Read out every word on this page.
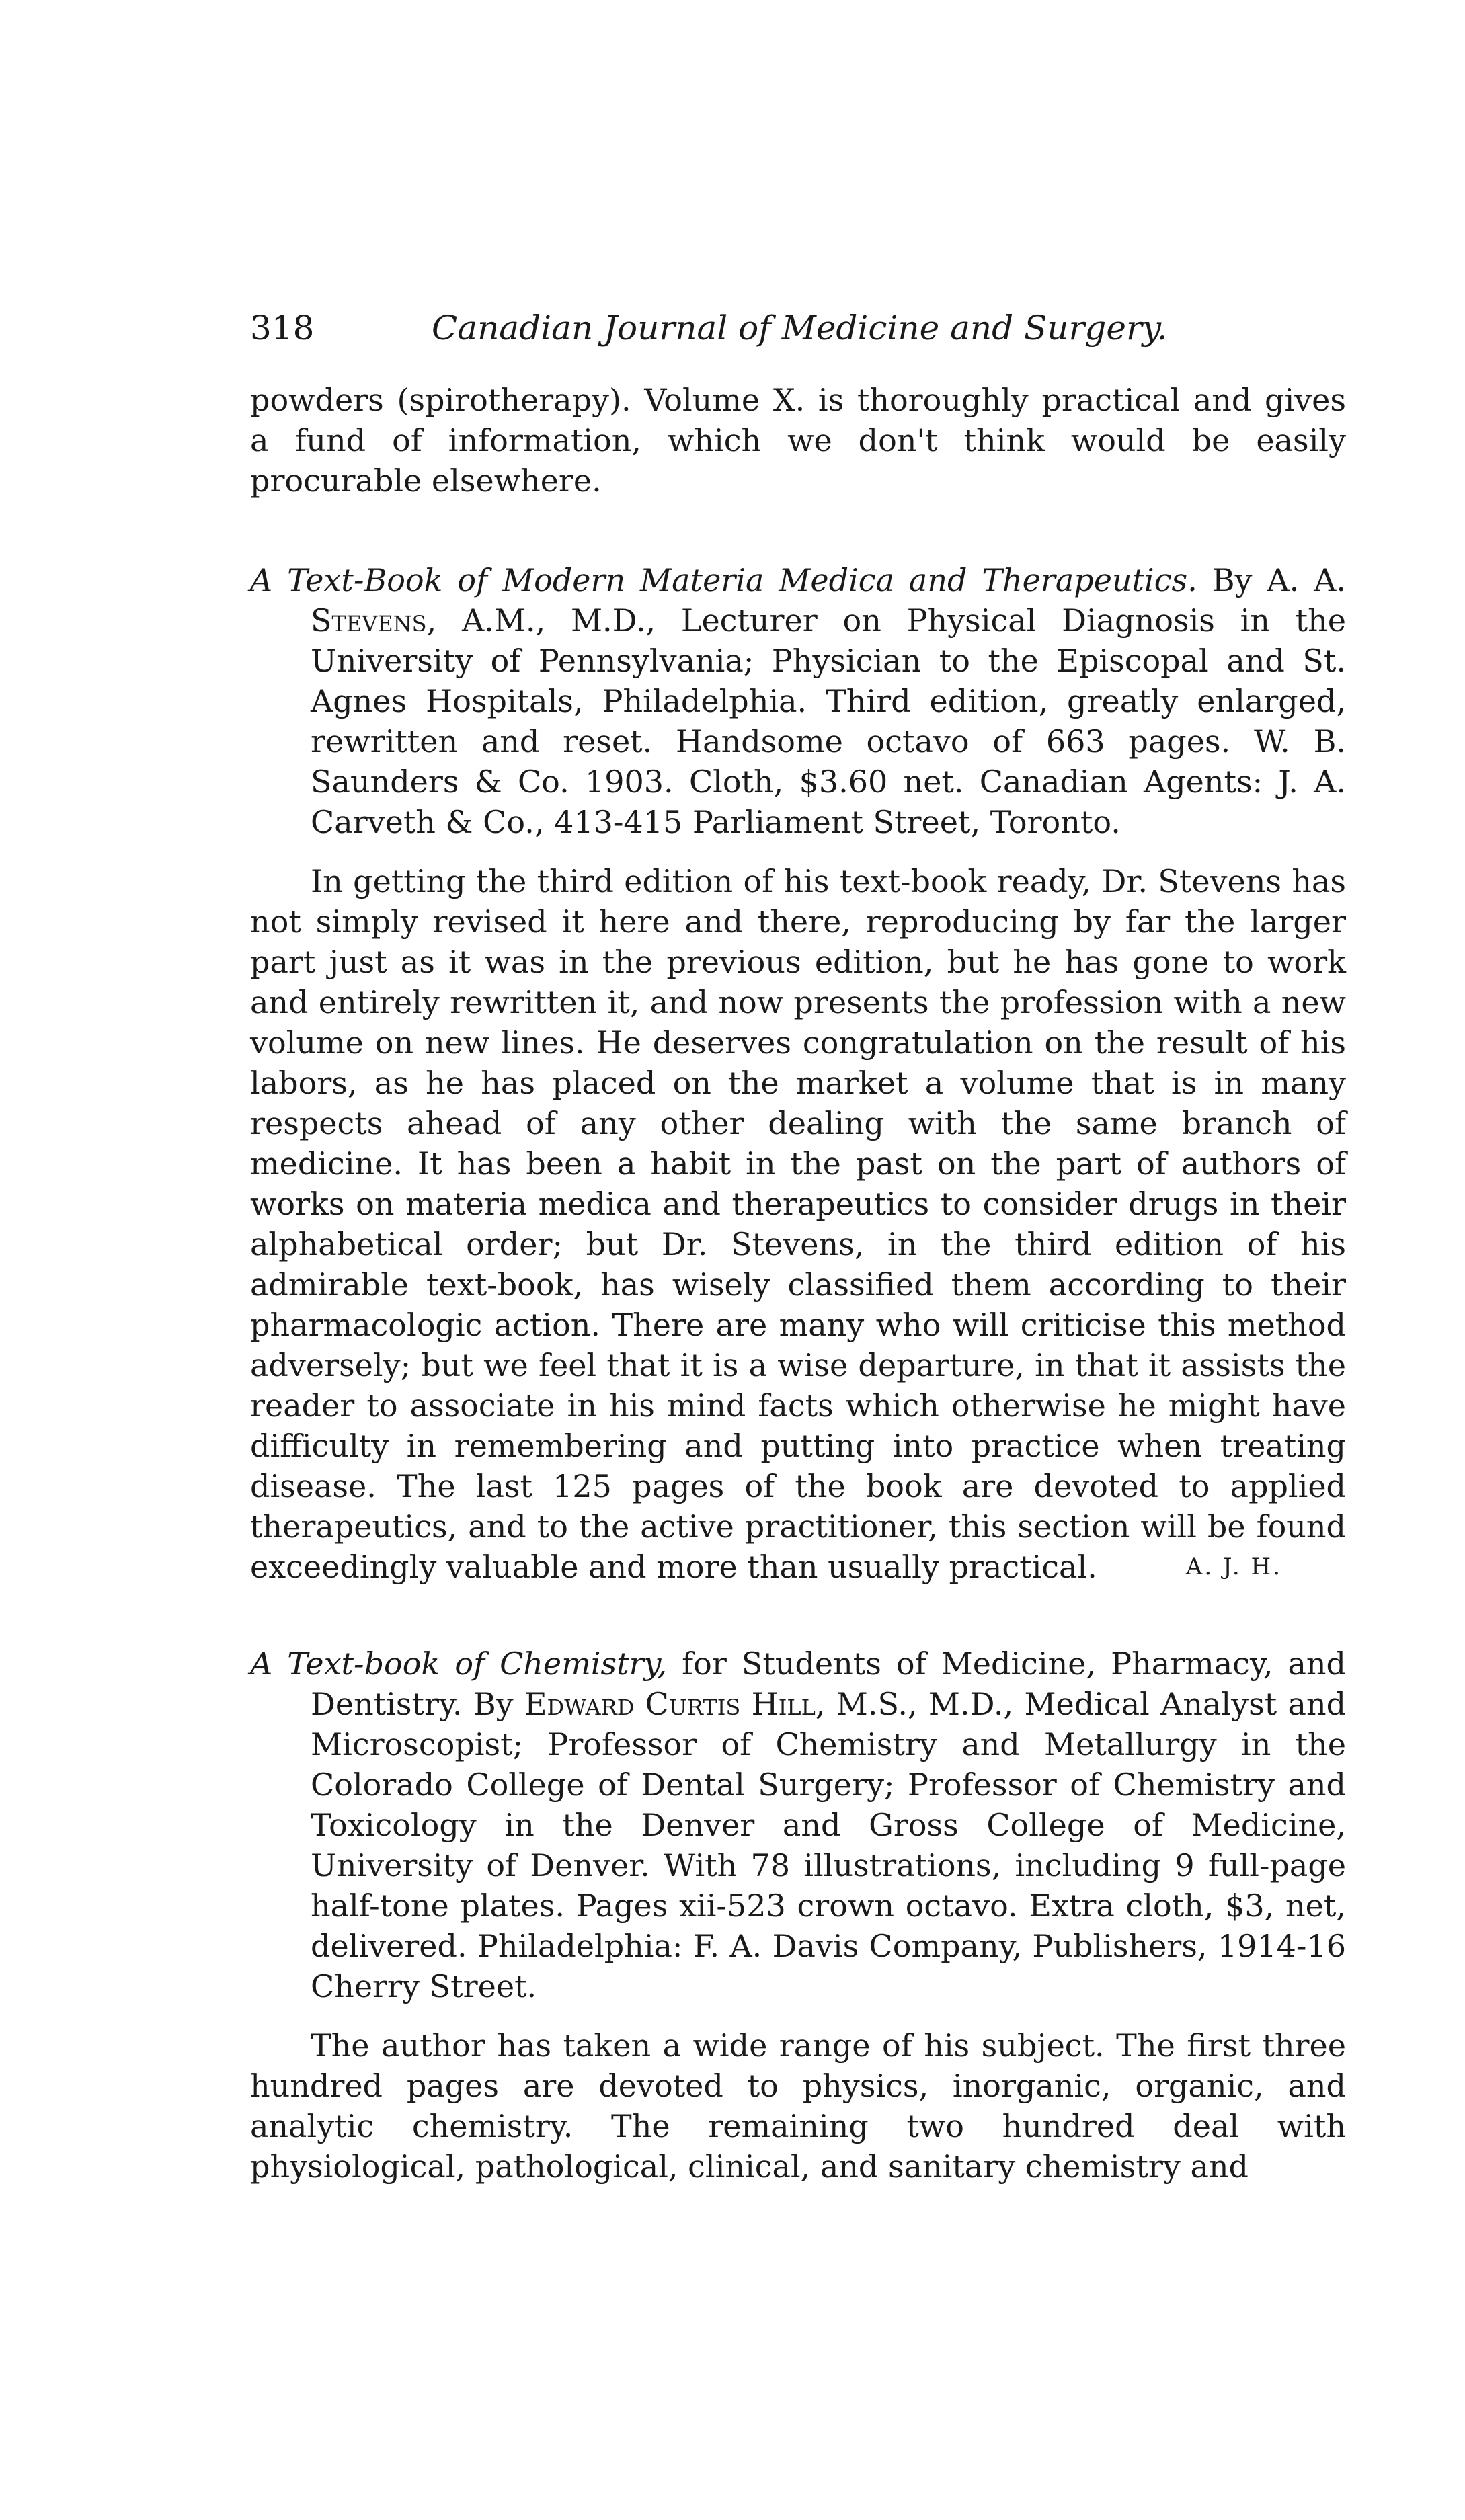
318	Canadian Journal of Medicine and Surgery.

powders (spirotherapy). Volume X. is thoroughly practical and gives a fund of information, which we don't think would be easily procurable elsewhere.

A Text-Book of Modern Materia Medica and Therapeutics. By A. A. Stevens, A.M., M.D., Lecturer on Physical Diagnosis in the University of Pennsylvania; Physician to the Episcopal and St. Agnes Hospitals, Philadelphia. Third edition, greatly enlarged, rewritten and reset. Handsome octavo of 663 pages. W. B. Saunders & Co. 1903. Cloth, $3.60 net. Canadian Agents: J. A. Carveth & Co., 413-415 Parliament Street, Toronto.

In getting the third edition of his text-book ready, Dr. Stevens has not simply revised it here and there, reproducing by far the larger part just as it was in the previous edition, but he has gone to work and entirely rewritten it, and now presents the profession with a new volume on new lines. He deserves congratulation on the result of his labors, as he has placed on the market a volume that is in many respects ahead of any other dealing with the same branch of medicine. It has been a habit in the past on the part of authors of works on materia medica and therapeutics to consider drugs in their alphabetical order; but Dr. Stevens, in the third edition of his admirable text-book, has wisely classified them according to their pharmacologic action. There are many who will criticise this method adversely; but we feel that it is a wise departure, in that it assists the reader to associate in his mind facts which otherwise he might have difficulty in remembering and putting into practice when treating disease. The last 125 pages of the book are devoted to applied therapeutics, and to the active practitioner, this section will be found exceedingly valuable and more than usually practical.	A. J. H.

A Text-book of Chemistry, for Students of Medicine, Pharmacy, and Dentistry. By Edward Curtis Hill, M.S., M.D., Medical Analyst and Microscopist; Professor of Chemistry and Metallurgy in the Colorado College of Dental Surgery; Professor of Chemistry and Toxicology in the Denver and Gross College of Medicine, University of Denver. With 78 illustrations, including 9 full-page half-tone plates. Pages xii-523 crown octavo. Extra cloth, $3, net, delivered. Philadelphia: F. A. Davis Company, Publishers, 1914-16 Cherry Street.

The author has taken a wide range of his subject. The first three hundred pages are devoted to physics, inorganic, organic, and analytic chemistry. The remaining two hundred deal with physiological, pathological, clinical, and sanitary chemistry and
